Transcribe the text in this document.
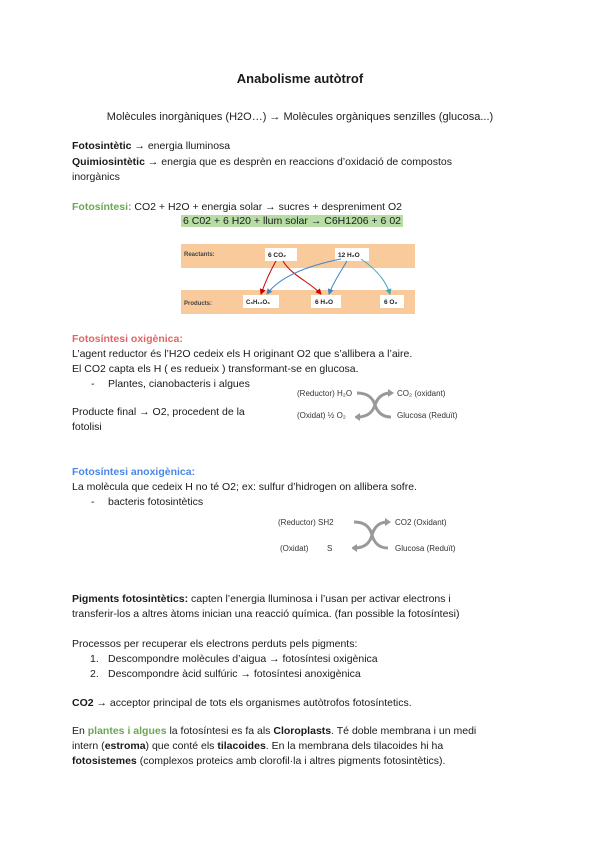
Anabolisme autòtrof
Molècules inorgàniques (H2O…) → Molècules orgàniques senzilles (glucosa...)
Fotosintètic → energia lluminosa
Quimiosintètic → energia que es desprèn en reaccions d’oxidació de compostos
inorgànics
Fotosíntesi: CO2 + H2O + energia solar → sucres + despreniment O2
6 C02 + 6 H20 + llum solar → C6H1206 + 6 02
Reactants:
Products:
6 CO₂	12 H₂O
C₆H₁₂O₆	6 H₂O	6 O₂
Fotosíntesi oxigènica:
L’agent reductor és l’H2O cedeix els H originant O2 que s’allibera a l’aire.
El CO2 capta els H ( es redueix ) transformant-se en glucosa.
- Plantes, cianobacteris i algues
Producte final → O2, procedent de la
fotolisi
(Reductor) H₂O	CO₂ (oxidant)
(Oxidat) ½ O₂	Glucosa (Reduït)
Fotosíntesi anoxigènica:
La molècula que cedeix H no té O2; ex: sulfur d’hidrogen on allibera sofre.
- bacteris fotosintètics
(Reductor) SH2	CO2 (Oxidant)
(Oxidat) S	Glucosa (Reduït)
Pigments fotosintètics: capten l’energia lluminosa i l’usan per activar electrons i
transferir-los a altres àtoms inician una reacció química. (fan possible la fotosíntesi)
Processos per recuperar els electrons perduts pels pigments:
1. Descompondre molècules d’aigua → fotosíntesi oxigènica
2. Descompondre àcid sulfúric → fotosíntesi anoxigènica
CO2 → acceptor principal de tots els organismes autòtrofos fotosíntetics.
En plantes i algues la fotosíntesi es fa als Cloroplasts. Té doble membrana i un medi
intern (estroma) que conté els tilacoides. En la membrana dels tilacoides hi ha
fotosistemes (complexos proteics amb clorofil·la i altres pigments fotosintètics).
